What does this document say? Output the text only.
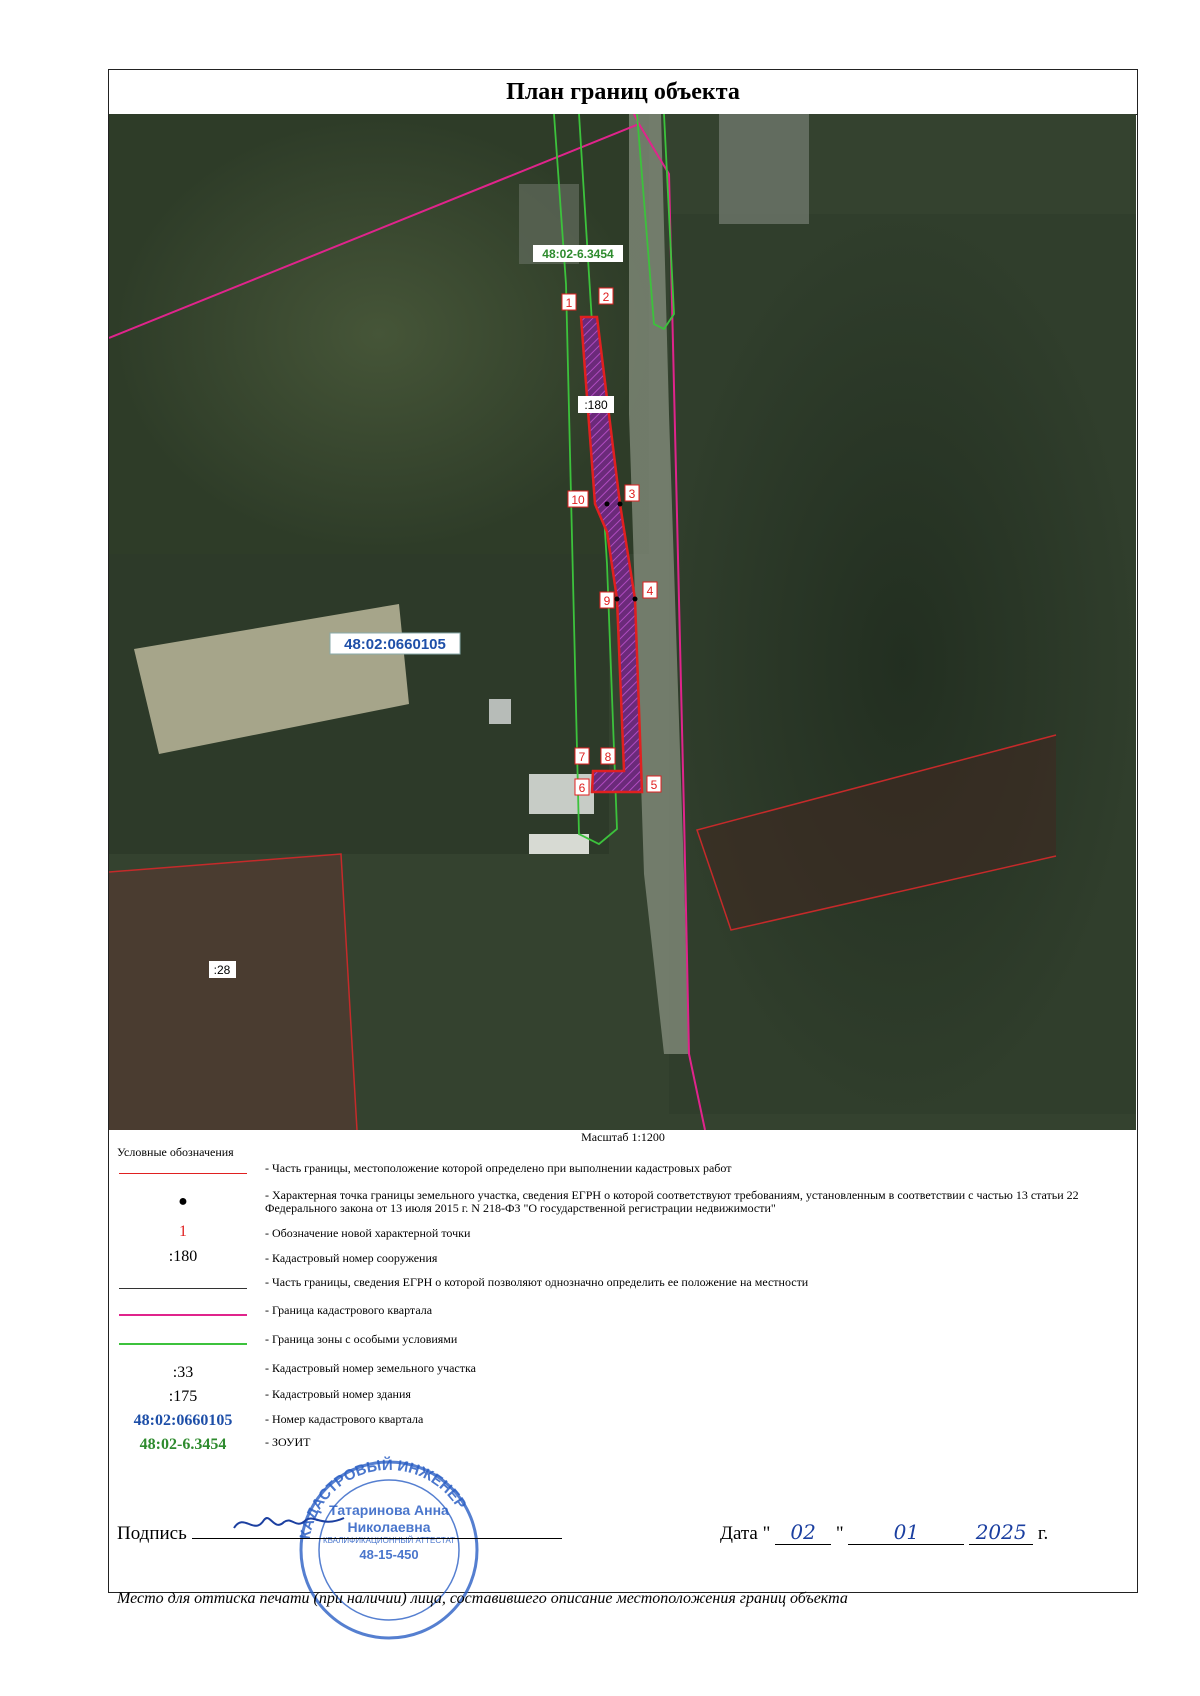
План границ объекта
1	2
3
4
5
6
7 8
9
10
48:02-6.3454
:180
48:02:0660105
:28
Масштаб 1:1200
Условные обозначения
- Часть границы, местоположение которой определено при выполнении кадастровых работ
●	- Характерная точка границы земельного участка, сведения ЕГРН о которой соответствуют требованиям, установленным в соответствии с частью 13 статьи 22 Федерального закона от 13 июля 2015 г. N 218-ФЗ "О государственной регистрации недвижимости"
1	- Обозначение новой характерной точки
:180	- Кадастровый номер сооружения
- Часть границы, сведения ЕГРН о которой позволяют однозначно определить ее положение на местности
- Граница кадастрового квартала
- Граница зоны с особыми условиями
:33	- Кадастровый номер земельного участка
:175	- Кадастровый номер здания
48:02:0660105	- Номер кадастрового квартала
48:02-6.3454	- ЗОУИТ
КАДАСТРОВЫЙ ИНЖЕНЕР
Татаринова Анна Николаевна
КВАЛИФИКАЦИОННЫЙ АТТЕСТАТ
48-15-450
Подпись	Дата " 02 " 01	2025 г.
Место для оттиска печати (при наличии) лица, составившего описание местоположения границ объекта
